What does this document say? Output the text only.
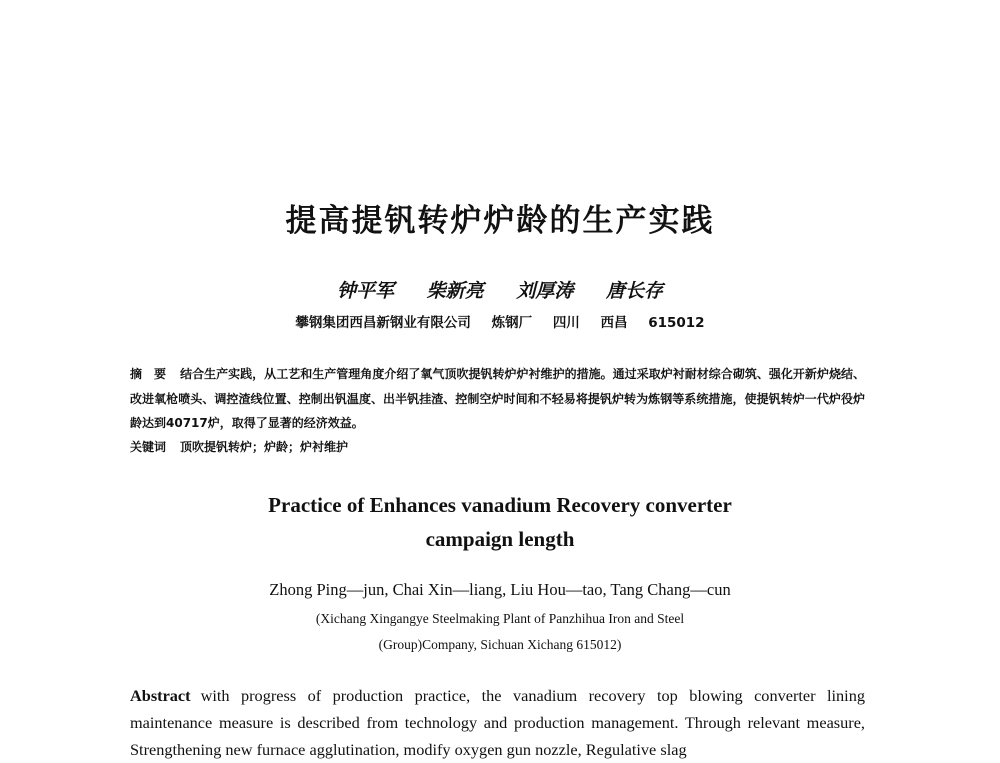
提高提钒转炉炉龄的生产实践
钟平军 柴新亮 刘厚涛 唐长存
攀钢集团西昌新钢业有限公司 炼钢厂 四川 西昌 615012
摘　要 结合生产实践，从工艺和生产管理角度介绍了氧气顶吹提钒转炉炉衬维护的措施。通过采取炉衬耐材综合砌筑、强化开新炉烧结、改进氧枪喷头、调控渣线位置、控制出钒温度、出半钒挂渣、控制空炉时间和不轻易将提钒炉转为炼钢等系统措施，使提钒转炉一代炉役炉龄达到40717炉，取得了显著的经济效益。
关键词 顶吹提钒转炉；炉龄；炉衬维护
Practice of Enhances vanadium Recovery converter
campaign length
Zhong Ping—jun, Chai Xin—liang, Liu Hou—tao, Tang Chang—cun
(Xichang Xingangye Steelmaking Plant of Panzhihua Iron and Steel
(Group)Company, Sichuan Xichang 615012)
Abstract with progress of production practice, the vanadium recovery top blowing converter lining maintenance measure is described from technology and production management. Through relevant measure, Strengthening new furnace agglutination, modify oxygen gun nozzle, Regulative slag
